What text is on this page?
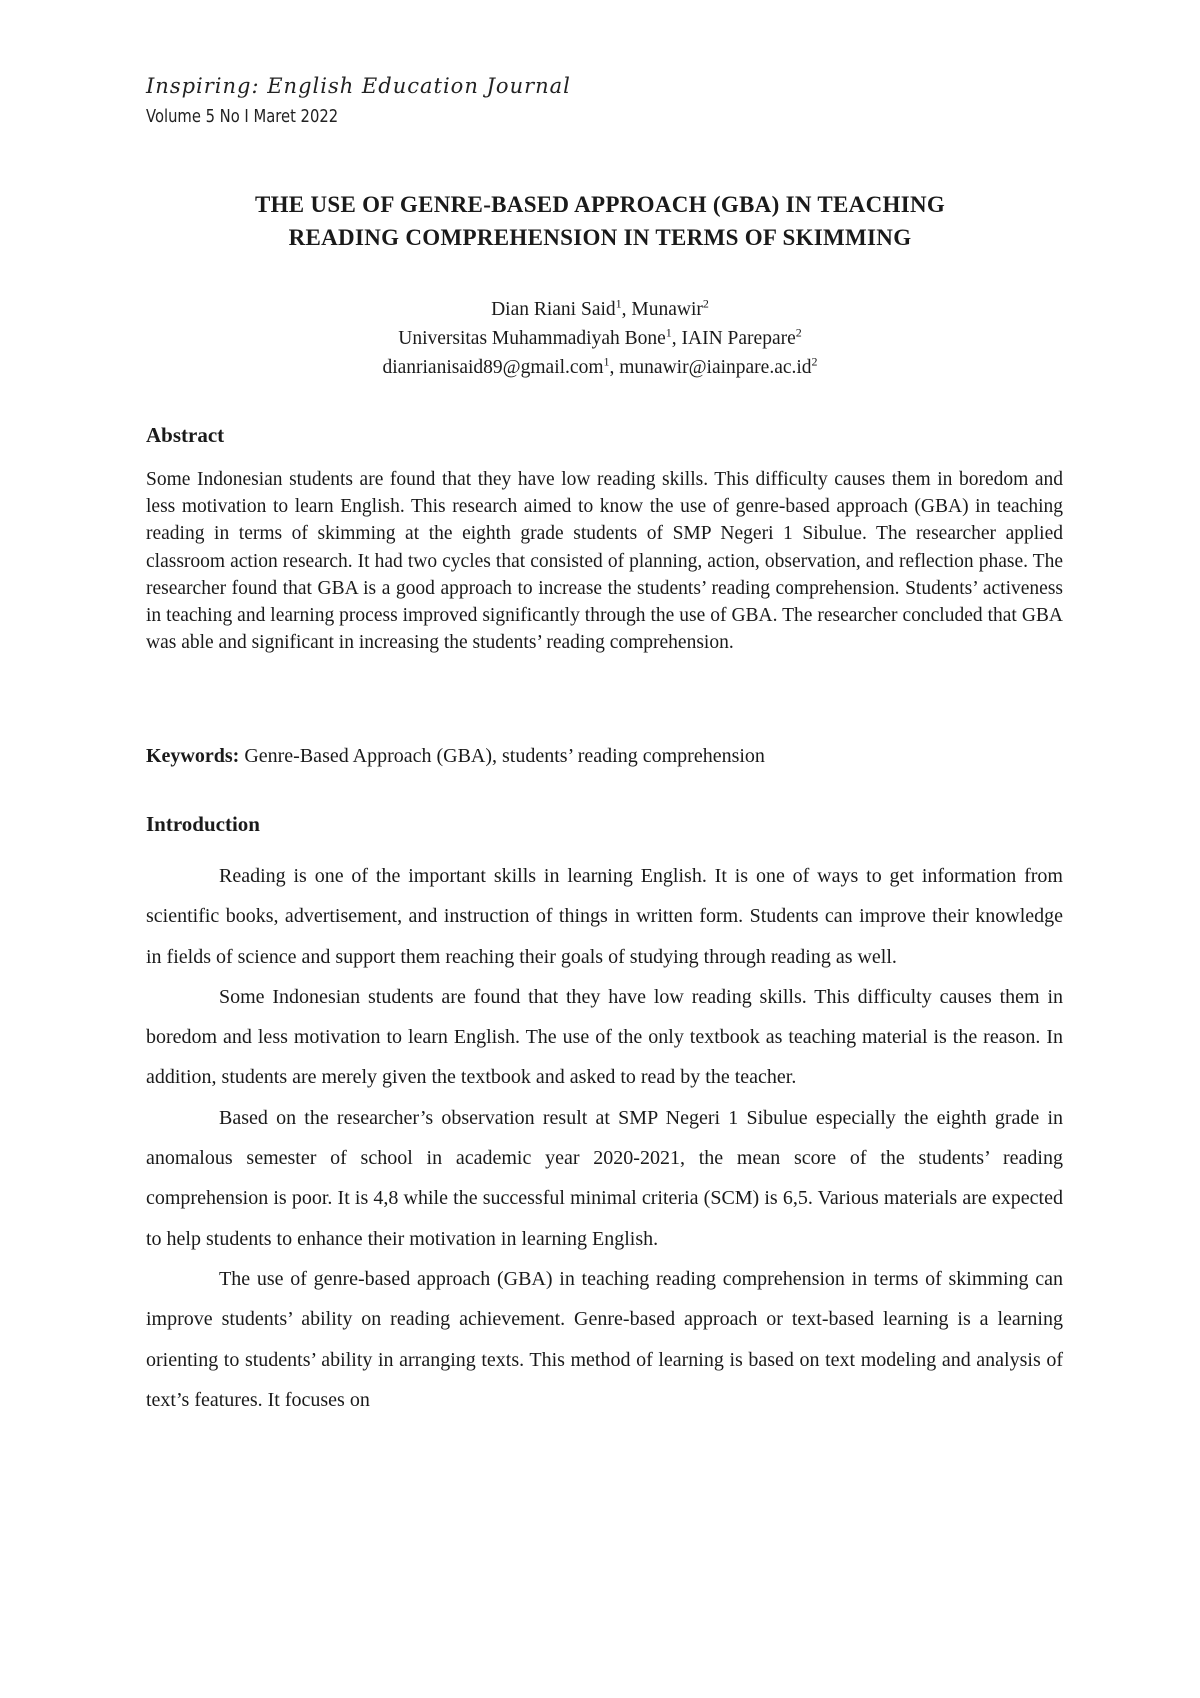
Inspiring: English Education Journal
Volume 5 No I Maret 2022
THE USE OF GENRE-BASED APPROACH (GBA) IN TEACHING
READING COMPREHENSION IN TERMS OF SKIMMING
Dian Riani Said$^1$, Munawir$^2$
Universitas Muhammadiyah Bone$^1$, IAIN Parepare$^2$
dianrianisaid89@gmail.com$^1$, $munawir@iainpare.ac.id^2$
Abstract
Some Indonesian students are found that they have low reading skills. This difficulty causes them in boredom and less motivation to learn English. This research aimed to know the use of genre-based approach (GBA) in teaching reading in terms of skimming at the eighth grade students of SMP Negeri 1 Sibulue. The researcher applied classroom action research. It had two cycles that consisted of planning, action, observation, and reflection phase. The researcher found that GBA is a good approach to increase the students’ reading comprehension. Students’ activeness in teaching and learning process improved significantly through the use of GBA. The researcher concluded that GBA was able and significant in increasing the students’ reading comprehension.
Keywords: Genre-Based Approach (GBA), students’ reading comprehension
Introduction

Reading is one of the important skills in learning English. It is one of ways to get information from scientific books, advertisement, and instruction of things in written form. Students can improve their knowledge in fields of science and support them reaching their goals of studying through reading as well.

Some Indonesian students are found that they have low reading skills. This difficulty causes them in boredom and less motivation to learn English. The use of the only textbook as teaching material is the reason. In addition, students are merely given the textbook and asked to read by the teacher.

Based on the researcher’s observation result at SMP Negeri 1 Sibulue especially the eighth grade in anomalous semester of school in academic year 2020-2021, the mean score of the students’ reading comprehension is poor. It is 4,8 while the successful minimal criteria (SCM) is 6,5. Various materials are expected to help students to enhance their motivation in learning English.

The use of genre-based approach (GBA) in teaching reading comprehension in terms of skimming can improve students’ ability on reading achievement. Genre-based approach or text-based learning is a learning orienting to students’ ability in arranging texts. This method of learning is based on text modeling and analysis of text’s features. It focuses on
